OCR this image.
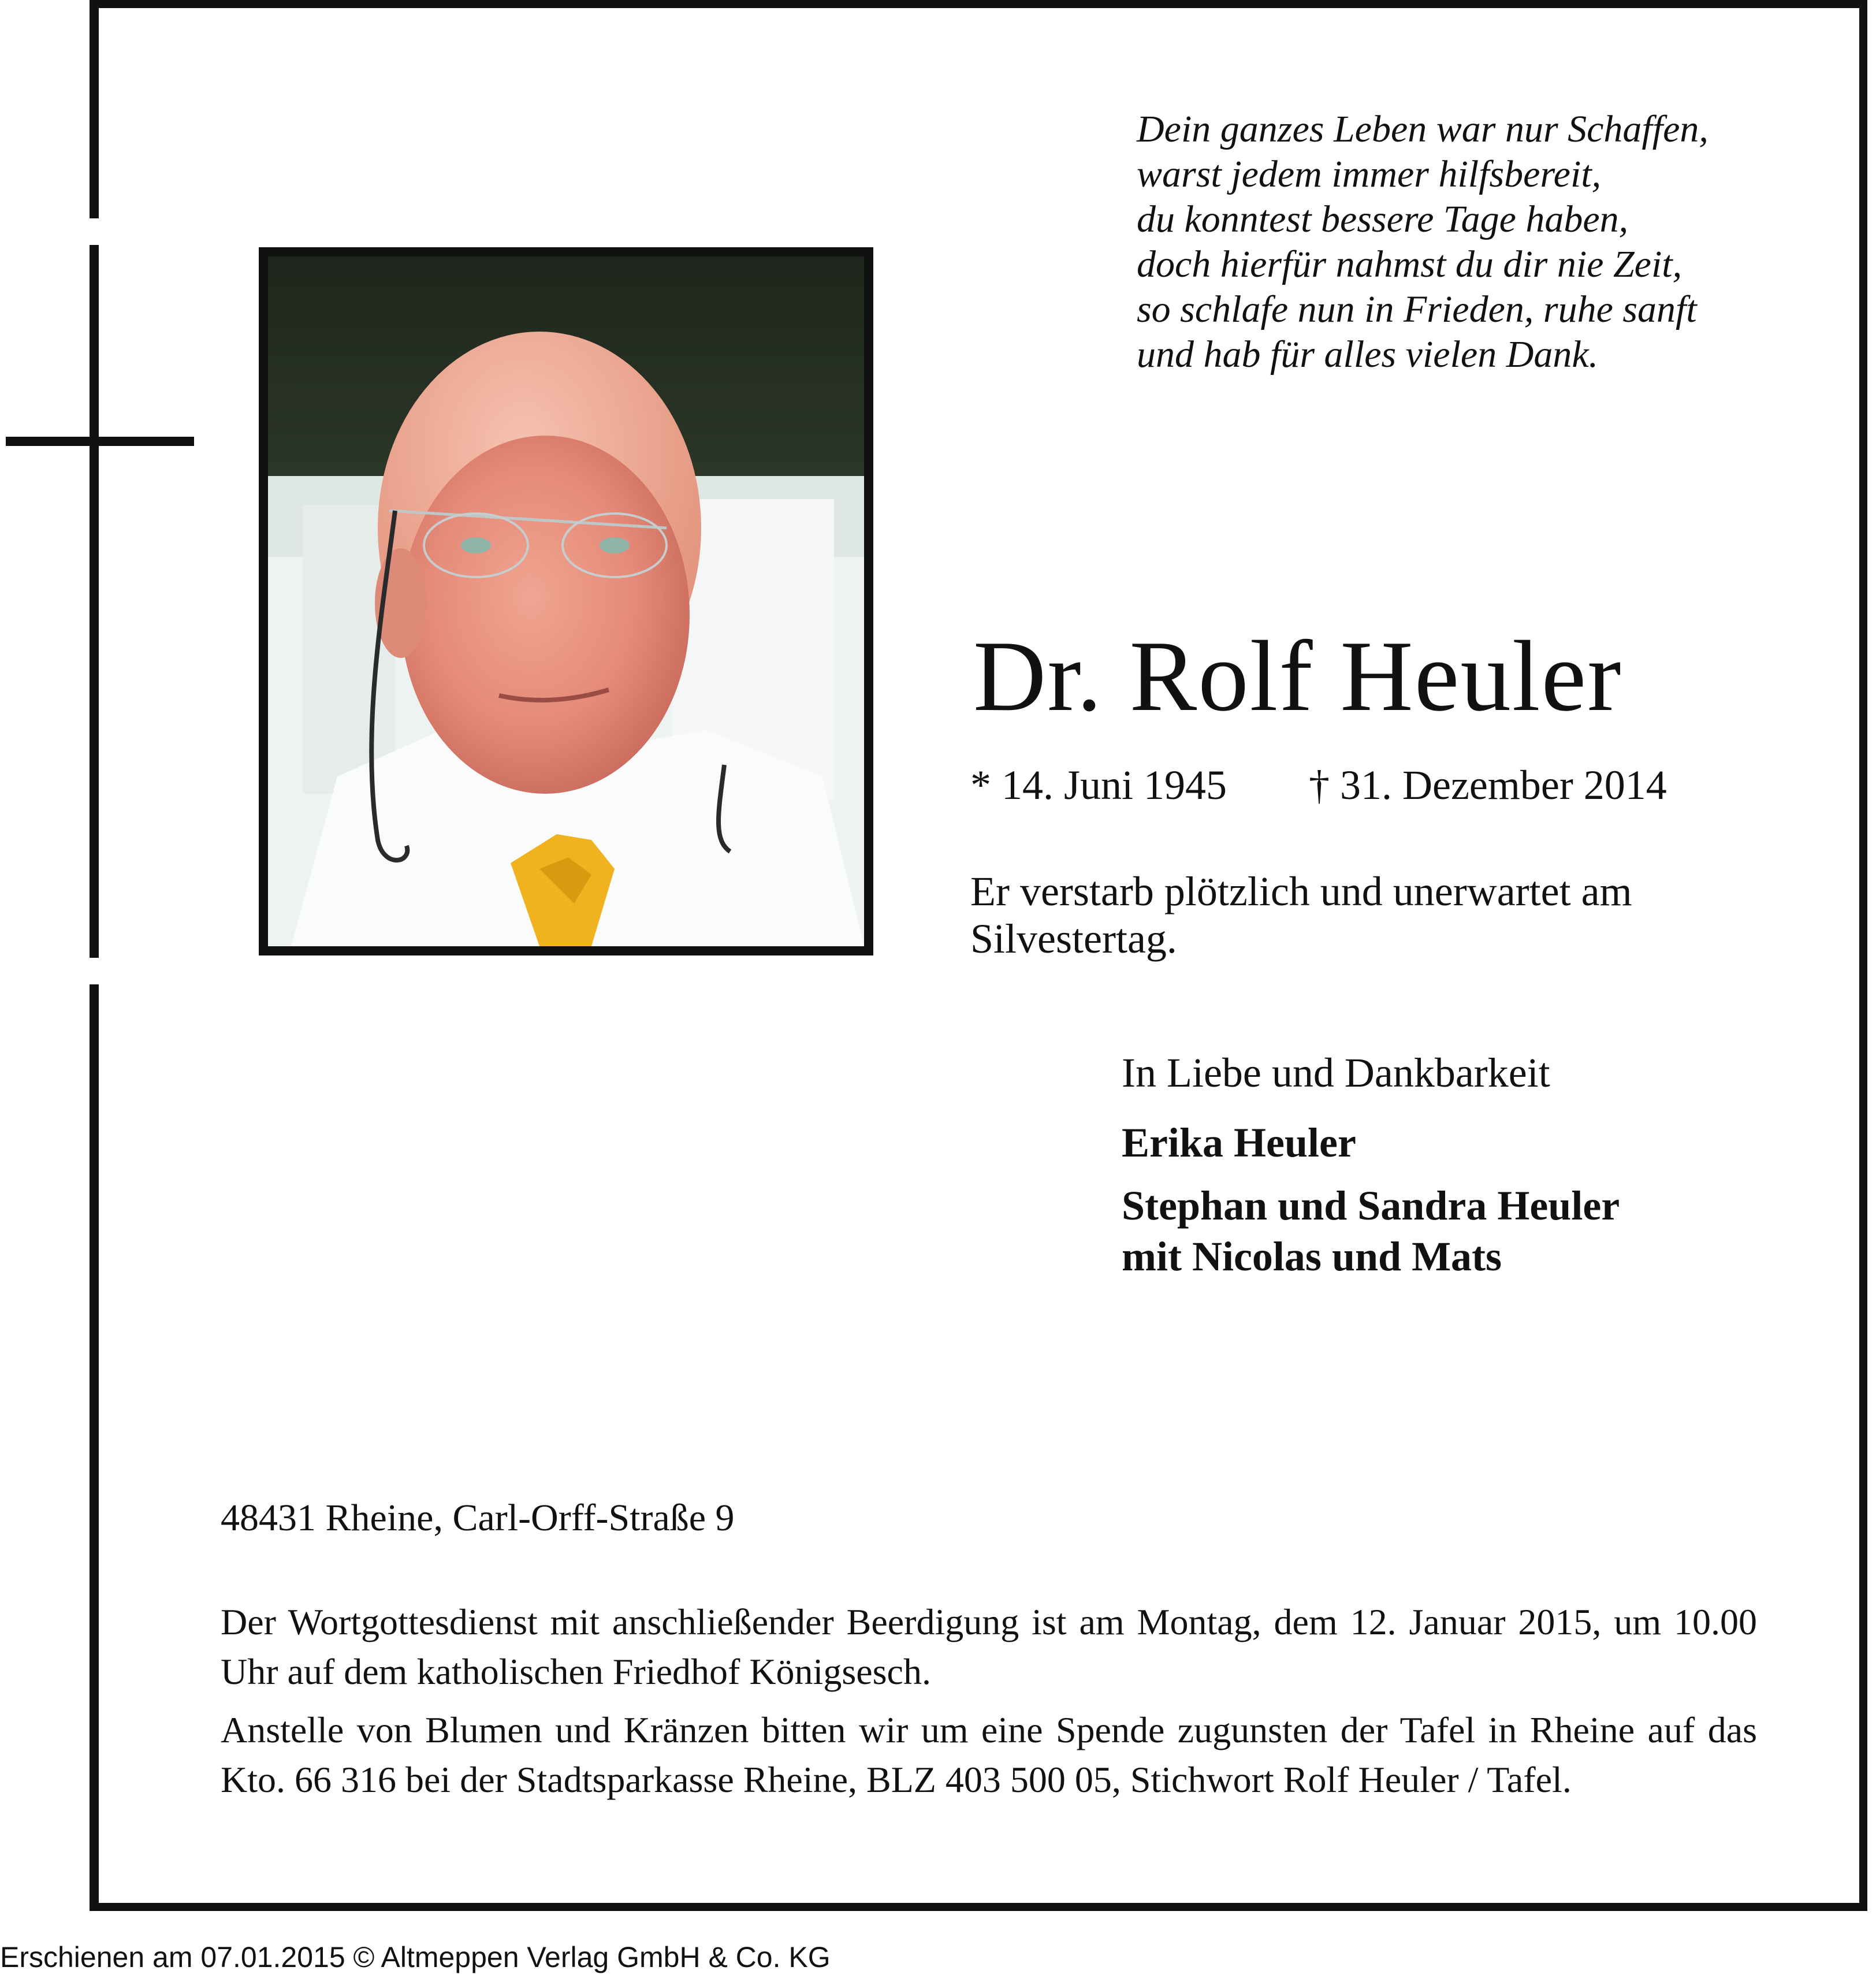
Dein ganzes Leben war nur Schaffen,
warst jedem immer hilfsbereit,
du konntest bessere Tage haben,
doch hierfür nahmst du dir nie Zeit,
so schlafe nun in Frieden, ruhe sanft
und hab für alles vielen Dank.
Dr. Rolf Heuler
* 14. Juni 1945 † 31. Dezember 2014
Er verstarb plötzlich und unerwartet am
Silvestertag.
In Liebe und Dankbarkeit
Erika Heuler
Stephan und Sandra Heuler
mit Nicolas und Mats
48431 Rheine, Carl-Orff-Straße 9
Der Wortgottesdienst mit anschließender Beerdigung ist am Montag, dem 12. Januar 2015, um 10.00 Uhr auf dem katholischen Friedhof Königsesch.
Anstelle von Blumen und Kränzen bitten wir um eine Spende zugunsten der Tafel in Rheine auf das Kto. 66 316 bei der Stadtsparkasse Rheine, BLZ 403 500 05, Stichwort Rolf Heuler / Tafel.
Erschienen am 07.01.2015 © Altmeppen Verlag GmbH & Co. KG
